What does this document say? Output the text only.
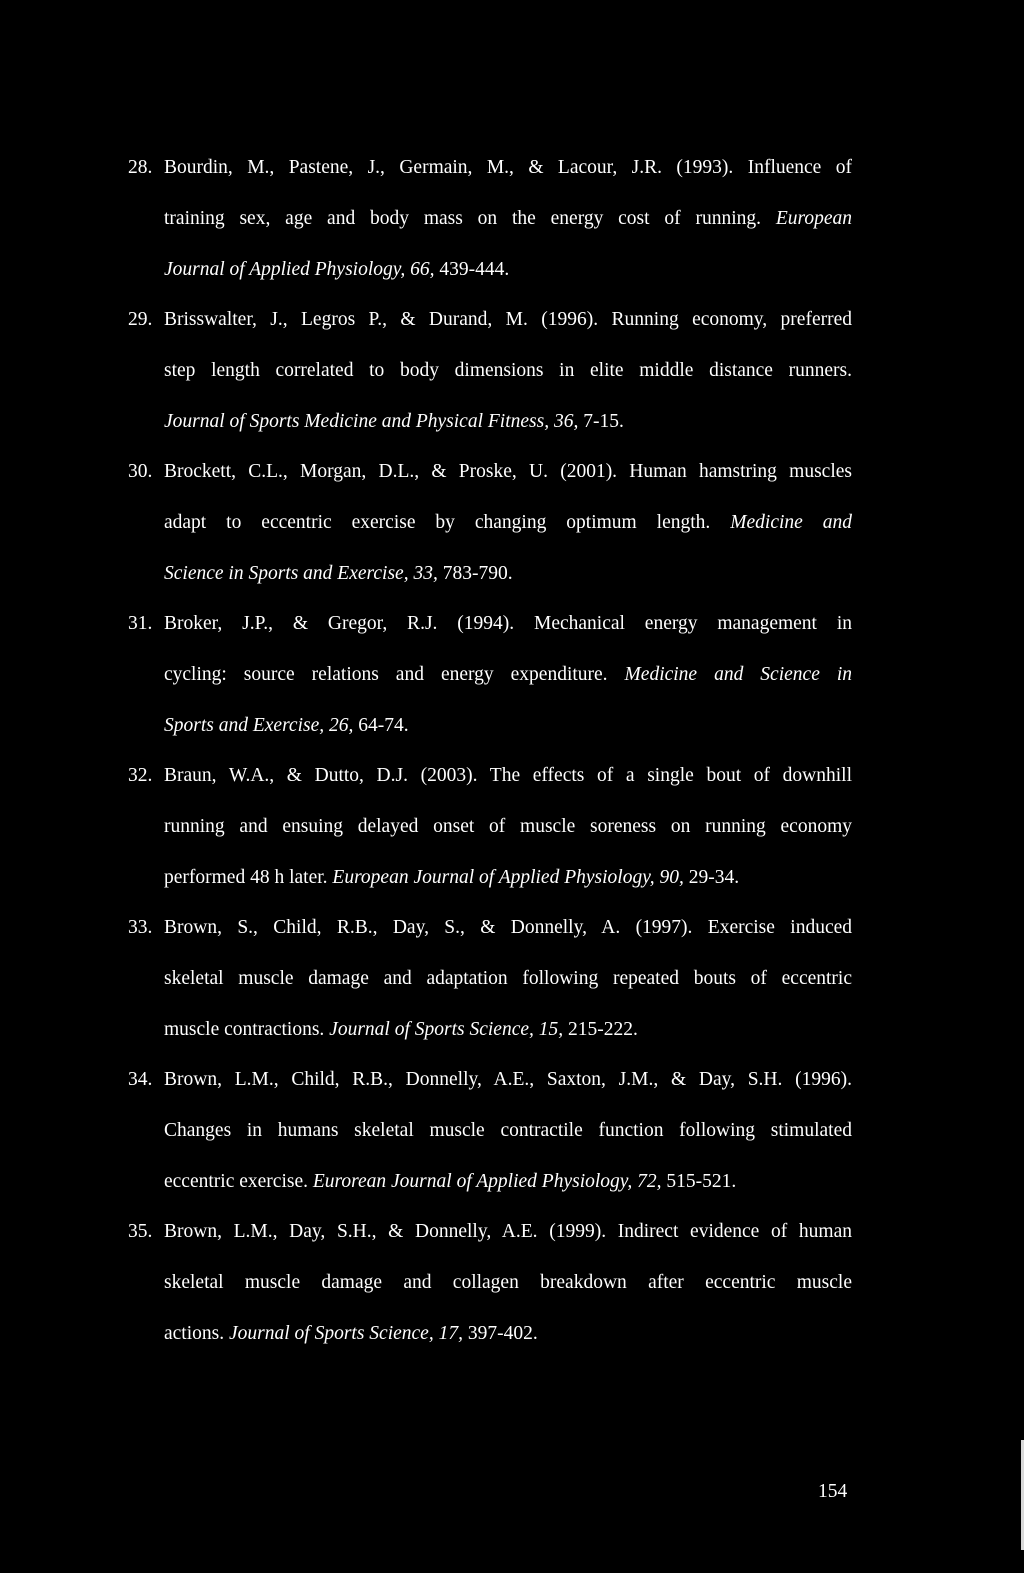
28. Bourdin, M., Pastene, J., Germain, M., & Lacour, J.R. (1993). Influence of
training sex, age and body mass on the energy cost of running. European
Journal of Applied Physiology, 66, 439-444.
29. Brisswalter, J., Legros P., & Durand, M. (1996). Running economy, preferred
step length correlated to body dimensions in elite middle distance runners.
Journal of Sports Medicine and Physical Fitness, 36, 7-15.
30. Brockett, C.L., Morgan, D.L., & Proske, U. (2001). Human hamstring muscles
adapt to eccentric exercise by changing optimum length. Medicine and
Science in Sports and Exercise, 33, 783-790.
31. Broker, J.P., & Gregor, R.J. (1994). Mechanical energy management in
cycling: source relations and energy expenditure. Medicine and Science in
Sports and Exercise, 26, 64-74.
32. Braun, W.A., & Dutto, D.J. (2003). The effects of a single bout of downhill
running and ensuing delayed onset of muscle soreness on running economy
performed 48 h later. European Journal of Applied Physiology, 90, 29-34.
33. Brown, S., Child, R.B., Day, S., & Donnelly, A. (1997). Exercise induced
skeletal muscle damage and adaptation following repeated bouts of eccentric
muscle contractions. Journal of Sports Science, 15, 215-222.
34. Brown, L.M., Child, R.B., Donnelly, A.E., Saxton, J.M., & Day, S.H. (1996).
Changes in humans skeletal muscle contractile function following stimulated
eccentric exercise. Eurorean Journal of Applied Physiology, 72, 515-521.
35. Brown, L.M., Day, S.H., & Donnelly, A.E. (1999). Indirect evidence of human
skeletal muscle damage and collagen breakdown after eccentric muscle
actions. Journal of Sports Science, 17, 397-402.
154
